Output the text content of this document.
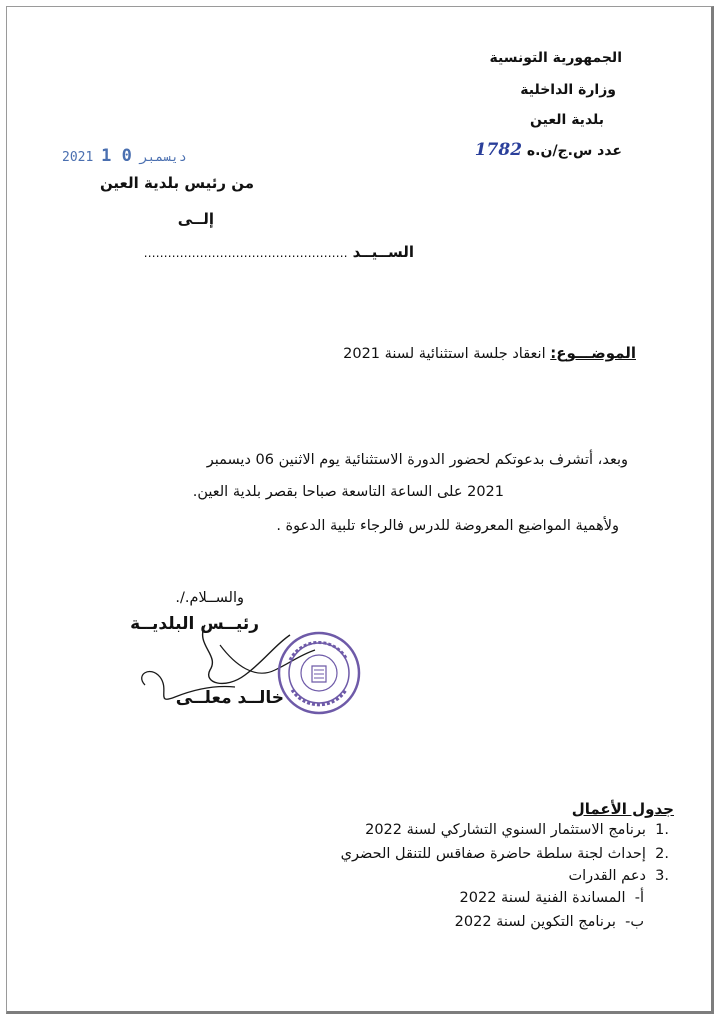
الجمهورية التونسية
وزارة الداخلية
بلدية العين
1782 عدد س.ج/ن.ه
2021	ديسمبر 0 1
من رئيس بلدية العين
إلــى
…………………………………………… الســيــد
الموضـــوع: انعقاد جلسة استثنائية لسنة 2021
وبعد، أتشرف بدعوتكم لحضور الدورة الاستثنائية يوم الاثنين 06 ديسمبر
2021 على الساعة التاسعة صباحا بقصر بلدية العين.
ولأهمية المواضيع المعروضة للدرس فالرجاء تلبية الدعوة .
والســلام./.
رئيــس البلديــة
خالــد معلــى
جدول الأعمال
.1  برنامج الاستثمار السنوي التشاركي لسنة 2022
.2  إحداث لجنة سلطة حاضرة صفاقس للتنقل الحضري
.3  دعم القدرات
أ-  المساندة الفنية لسنة 2022
ب-  برنامج التكوين لسنة 2022
